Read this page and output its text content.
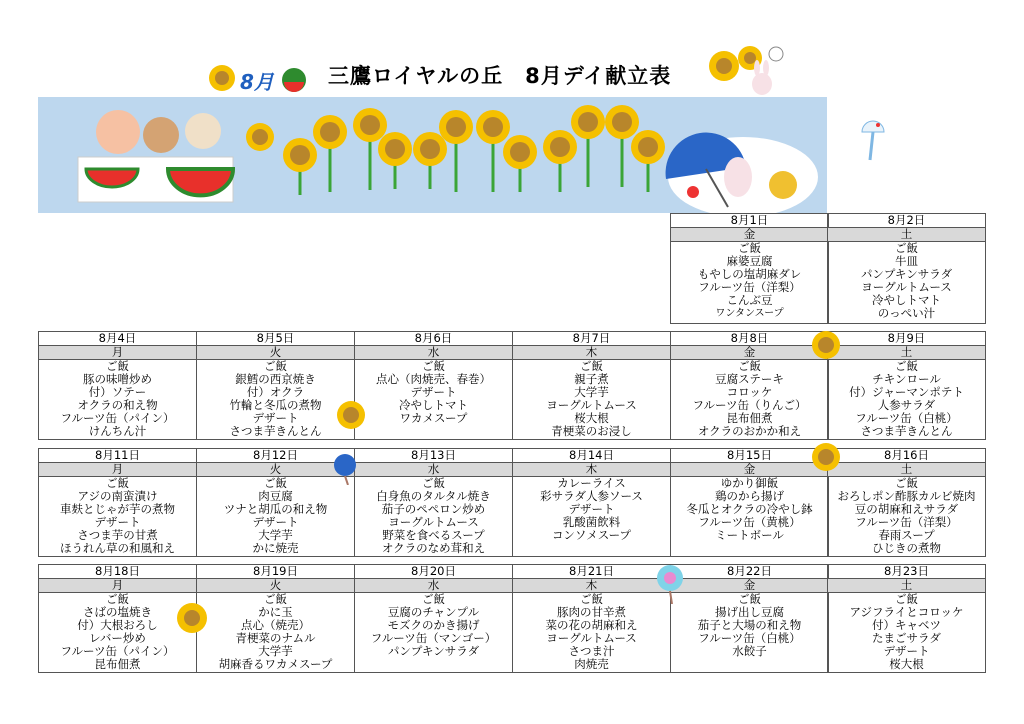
三鷹ロイヤルの丘　8月デイ献立表
8月
8月1日
金
ご飯
麻婆豆腐
もやしの塩胡麻ダレ
フルーツ缶（洋梨）
こんぶ豆
ワンタンスープ
8月2日
土
ご飯
牛皿
パンプキンサラダ
ヨーグルトムース
冷やしトマト
のっぺい汁
8月4日
月
ご飯
豚の味噌炒め
付）ソテー
オクラの和え物
フルーツ缶（パイン）
けんちん汁
8月5日
火
ご飯
銀鱈の西京焼き
付）オクラ
竹輪と冬瓜の煮物
デザート
さつま芋きんとん
8月6日
水
ご飯
点心（肉焼売、春巻）
デザート
冷やしトマト
ワカメスープ
8月7日
木
ご飯
親子煮
大学芋
ヨーグルトムース
桜大根
青梗菜のお浸し
8月8日
金
ご飯
豆腐ステーキ
コロッケ
フルーツ缶（りんご）
昆布佃煮
オクラのおかか和え
8月9日
土
ご飯
チキンロール
付）ジャーマンポテト
人参サラダ
フルーツ缶（白桃）
さつま芋きんとん
8月11日
月
ご飯
アジの南蛮漬け
車麸とじゃが芋の煮物
デザート
さつま芋の甘煮
ほうれん草の和風和え
8月12日
火
ご飯
肉豆腐
ツナと胡瓜の和え物
デザート
大学芋
かに焼売
8月13日
水
ご飯
白身魚のタルタル焼き
茄子のペペロン炒め
ヨーグルトムース
野菜を食べるスープ
オクラのなめ茸和え
8月14日
木
カレーライス
彩サラダ人参ソース
デザート
乳酸菌飲料
コンソメスープ
8月15日
金
ゆかり御飯
鶏のから揚げ
冬瓜とオクラの冷やし鉢
フルーツ缶（黄桃）
ミートボール
8月16日
土
ご飯
おろしポン酢豚カルビ焼肉
豆の胡麻和えサラダ
フルーツ缶（洋梨）
春雨スープ
ひじきの煮物
8月18日
月
ご飯
さばの塩焼き
付）大根おろし
レバー炒め
フルーツ缶（パイン）
昆布佃煮
8月19日
火
ご飯
かに玉
点心（焼売）
青梗菜のナムル
大学芋
胡麻香るワカメスープ
8月20日
水
ご飯
豆腐のチャンプル
モズクのかき揚げ
フルーツ缶（マンゴー）
パンプキンサラダ
8月21日
木
ご飯
豚肉の甘辛煮
菜の花の胡麻和え
ヨーグルトムース
さつま汁
肉焼売
8月22日
金
ご飯
揚げ出し豆腐
茄子と大場の和え物
フルーツ缶（白桃）
水餃子
8月23日
土
ご飯
アジフライとコロッケ
付）キャベツ
たまごサラダ
デザート
桜大根
